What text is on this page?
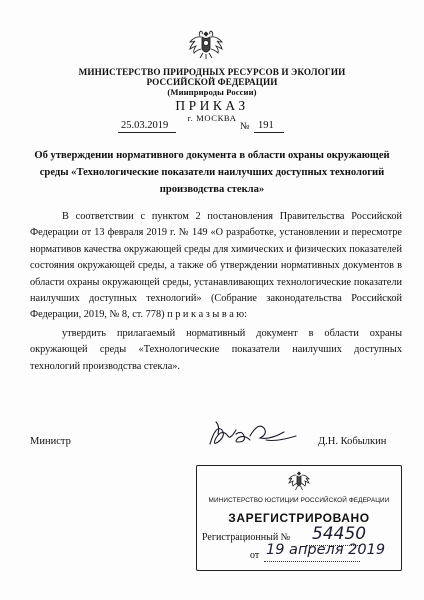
МИНИСТЕРСТВО ПРИРОДНЫХ РЕСУРСОВ И ЭКОЛОГИИ
РОССИЙСКОЙ ФЕДЕРАЦИИ
(Минприроды России)
ПРИКАЗ
г. МОСКВА
25.03.2019	№ 191
Об утверждении нормативного документа в области охраны окружающей среды «Технологические показатели наилучших доступных технологий производства стекла»
В соответствии с пунктом 2 постановления Правительства Российской Федерации от 13 февраля 2019 г. № 149 «О разработке, установлении и пересмотре нормативов качества окружающей среды для химических и физических показателей состояния окружающей среды, а также об утверждении нормативных документов в области охраны окружающей среды, устанавливающих технологические показатели наилучших доступных технологий» (Собрание законодательства Российской Федерации, 2019, № 8, ст. 778) п р и к а з ы в а ю:
утвердить прилагаемый нормативный документ в области охраны окружающей среды «Технологические показатели наилучших доступных технологий производства стекла».
Министр	Д.Н. Кобылкин
МИНИСТЕРСТВО ЮСТИЦИИ РОССИЙСКОЙ ФЕДЕРАЦИИ
ЗАРЕГИСТРИРОВАНО
Регистрационный № 54450
от 19 апреля 2019
